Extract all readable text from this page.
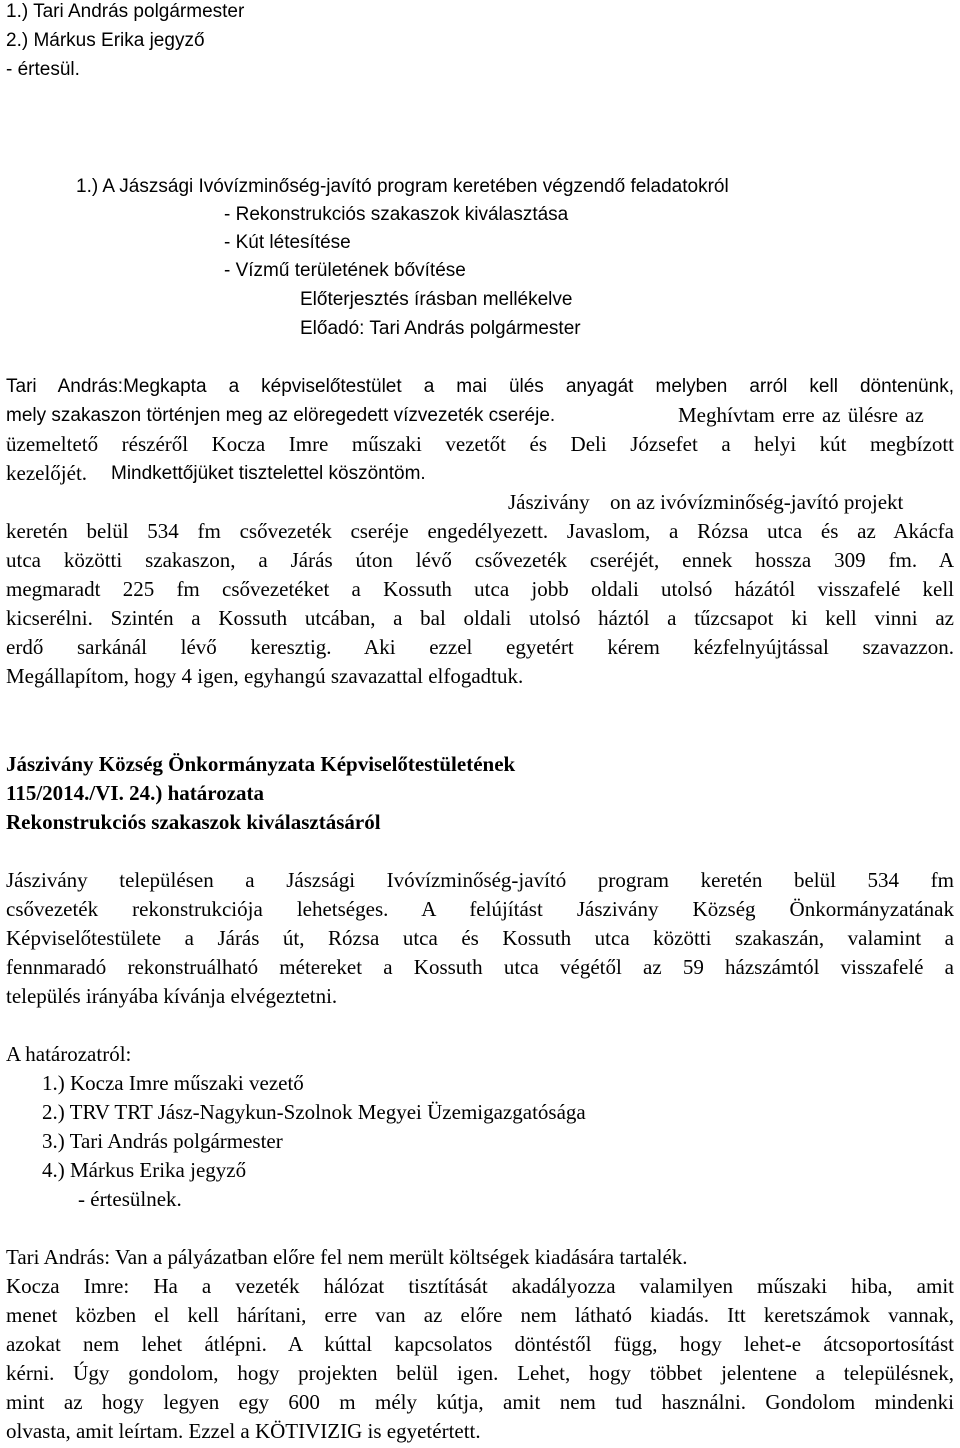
1.) Tari András polgármester
2.) Márkus Erika jegyző
- értesül.
1.) A Jászsági Ivóvízminőség-javító program keretében végzendő feladatokról
- Rekonstrukciós szakaszok kiválasztása
- Kút létesítése
- Vízmű területének bővítése
Előterjesztés írásban mellékelve
Előadó: Tari András polgármester
Tari András:Megkapta a képviselőtestület a mai ülés anyagát melyben arról kell döntenünk,
mely szakaszon történjen meg az elöregedett vízvezeték cseréje.	Meghívtam erre az ülésre az
üzemeltető részéről Kocza Imre műszaki vezetőt és Deli Józsefet a helyi kút megbízott
kezelőjét. Mindkettőjüket tisztelettel köszöntöm.
Jászivány on az ivóvízminőség-javító projekt
keretén belül 534 fm csővezeték cseréje engedélyezett. Javaslom, a Rózsa utca és az Akácfa
utca közötti szakaszon, a Járás úton lévő csővezeték cseréjét, ennek hossza 309 fm. A
megmaradt 225 fm csővezetéket a Kossuth utca jobb oldali utolsó házától visszafelé kell
kicserélni. Szintén a Kossuth utcában, a bal oldali utolsó háztól a tűzcsapot ki kell vinni az
erdő sarkánál lévő keresztig. Aki ezzel egyetért kérem kézfelnyújtással szavazzon.
Megállapítom, hogy 4 igen, egyhangú szavazattal elfogadtuk.
Jászivány Község Önkormányzata Képviselőtestületének
115/2014./VI. 24.) határozata
Rekonstrukciós szakaszok kiválasztásáról
Jászivány településen a Jászsági Ivóvízminőség-javító program keretén belül 534 fm
csővezeték rekonstrukciója lehetséges. A felújítást Jászivány Község Önkormányzatának
Képviselőtestülete a Járás út, Rózsa utca és Kossuth utca közötti szakaszán, valamint a
fennmaradó rekonstruálható métereket a Kossuth utca végétől az 59 házszámtól visszafelé a
település irányába kívánja elvégeztetni.
A határozatról:
1.) Kocza Imre műszaki vezető
2.) TRV TRT Jász-Nagykun-Szolnok Megyei Üzemigazgatósága
3.) Tari András polgármester
4.) Márkus Erika jegyző
- értesülnek.
Tari András: Van a pályázatban előre fel nem merült költségek kiadására tartalék.
Kocza Imre: Ha a vezeték hálózat tisztítását akadályozza valamilyen műszaki hiba, amit
menet közben el kell hárítani, erre van az előre nem látható kiadás. Itt keretszámok vannak,
azokat nem lehet átlépni. A kúttal kapcsolatos döntéstől függ, hogy lehet-e átcsoportosítást
kérni. Úgy gondolom, hogy projekten belül igen. Lehet, hogy többet jelentene a településnek,
mint az hogy legyen egy 600 m mély kútja, amit nem tud használni. Gondolom mindenki
olvasta, amit leírtam. Ezzel a KÖTIVIZIG is egyetértett.
